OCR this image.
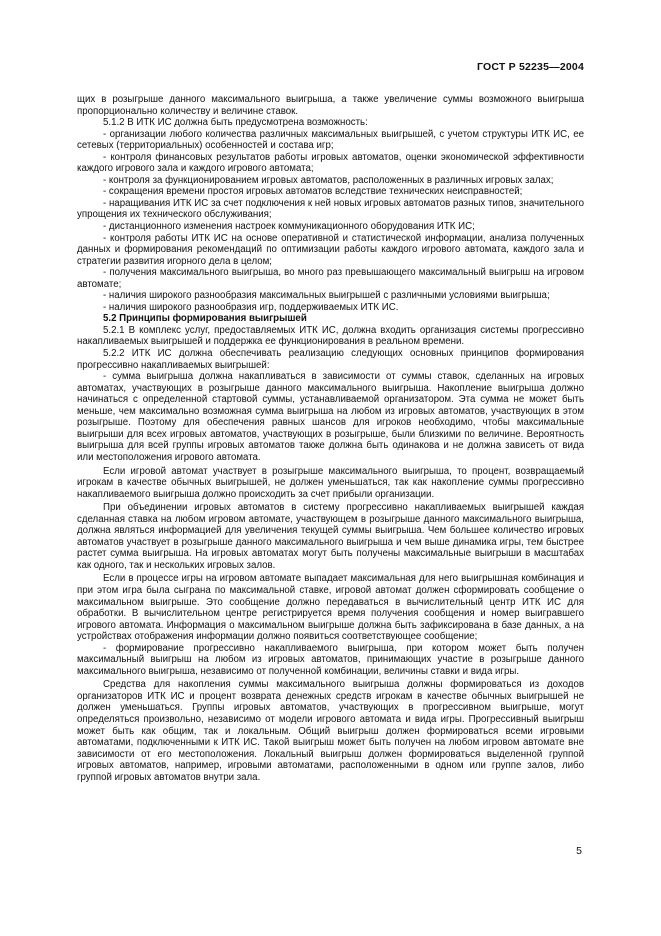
ГОСТ Р 52235—2004

щих в розыгрыше данного максимального выигрыша, а также увеличение суммы возможного выигрыша пропорционально количеству и величине ставок.

5.1.2 В ИТК ИС должна быть предусмотрена возможность:

- организации любого количества различных максимальных выигрышей, с учетом структуры ИТК ИС, ее сетевых (территориальных) особенностей и состава игр;

- контроля финансовых результатов работы игровых автоматов, оценки экономической эффективности каждого игрового зала и каждого игрового автомата;

- контроля за функционированием игровых автоматов, расположенных в различных игровых залах;

- сокращения времени простоя игровых автоматов вследствие технических неисправностей;

- наращивания ИТК ИС за счет подключения к ней новых игровых автоматов разных типов, значительного упрощения их технического обслуживания;

- дистанционного изменения настроек коммуникационного оборудования ИТК ИС;

- контроля работы ИТК ИС на основе оперативной и статистической информации, анализа полученных данных и формирования рекомендаций по оптимизации работы каждого игрового автомата, каждого зала и стратегии развития игорного дела в целом;

- получения максимального выигрыша, во много раз превышающего максимальный выигрыш на игровом автомате;

- наличия широкого разнообразия максимальных выигрышей с различными условиями выигрыша;

- наличия широкого разнообразия игр, поддерживаемых ИТК ИС.

5.2 Принципы формирования выигрышей

5.2.1 В комплекс услуг, предоставляемых ИТК ИС, должна входить организация системы прогрессивно накапливаемых выигрышей и поддержка ее функционирования в реальном времени.

5.2.2 ИТК ИС должна обеспечивать реализацию следующих основных принципов формирования прогрессивно накапливаемых выигрышей:

- сумма выигрыша должна накапливаться в зависимости от суммы ставок, сделанных на игровых автоматах, участвующих в розыгрыше данного максимального выигрыша. Накопление выигрыша должно начинаться с определенной стартовой суммы, устанавливаемой организатором. Эта сумма не может быть меньше, чем максимально возможная сумма выигрыша на любом из игровых автоматов, участвующих в этом розыгрыше. Поэтому для обеспечения равных шансов для игроков необходимо, чтобы максимальные выигрыши для всех игровых автоматов, участвующих в розыгрыше, были близкими по величине. Вероятность выигрыша для всей группы игровых автоматов также должна быть одинакова и не должна зависеть от вида или местоположения игрового автомата.

Если игровой автомат участвует в розыгрыше максимального выигрыша, то процент, возвращаемый игрокам в качестве обычных выигрышей, не должен уменьшаться, так как накопление суммы прогрессивно накапливаемого выигрыша должно происходить за счет прибыли организации.

При объединении игровых автоматов в систему прогрессивно накапливаемых выигрышей каждая сделанная ставка на любом игровом автомате, участвующем в розыгрыше данного максимального выигрыша, должна являться информацией для увеличения текущей суммы выигрыша. Чем большее количество игровых автоматов участвует в розыгрыше данного максимального выигрыша и чем выше динамика игры, тем быстрее растет сумма выигрыша. На игровых автоматах могут быть получены максимальные выигрыши в масштабах как одного, так и нескольких игровых залов.

Если в процессе игры на игровом автомате выпадает максимальная для него выигрышная комбинация и при этом игра была сыграна по максимальной ставке, игровой автомат должен сформировать сообщение о максимальном выигрыше. Это сообщение должно передаваться в вычислительный центр ИТК ИС для обработки. В вычислительном центре регистрируется время получения сообщения и номер выигравшего игрового автомата. Информация о максимальном выигрыше должна быть зафиксирована в базе данных, а на устройствах отображения информации должно появиться соответствующее сообщение;

- формирование прогрессивно накапливаемого выигрыша, при котором может быть получен максимальный выигрыш на любом из игровых автоматов, принимающих участие в розыгрыше данного максимального выигрыша, независимо от полученной комбинации, величины ставки и вида игры.

Средства для накопления суммы максимального выигрыша должны формироваться из доходов организаторов ИТК ИС и процент возврата денежных средств игрокам в качестве обычных выигрышей не должен уменьшаться. Группы игровых автоматов, участвующих в прогрессивном выигрыше, могут определяться произвольно, независимо от модели игрового автомата и вида игры. Прогрессивный выигрыш может быть как общим, так и локальным. Общий выигрыш должен формироваться всеми игровыми автоматами, подключенными к ИТК ИС. Такой выигрыш может быть получен на любом игровом автомате вне зависимости от его местоположения. Локальный выигрыш должен формироваться выделенной группой игровых автоматов, например, игровыми автоматами, расположенными в одном или группе залов, либо группой игровых автоматов внутри зала.

5
